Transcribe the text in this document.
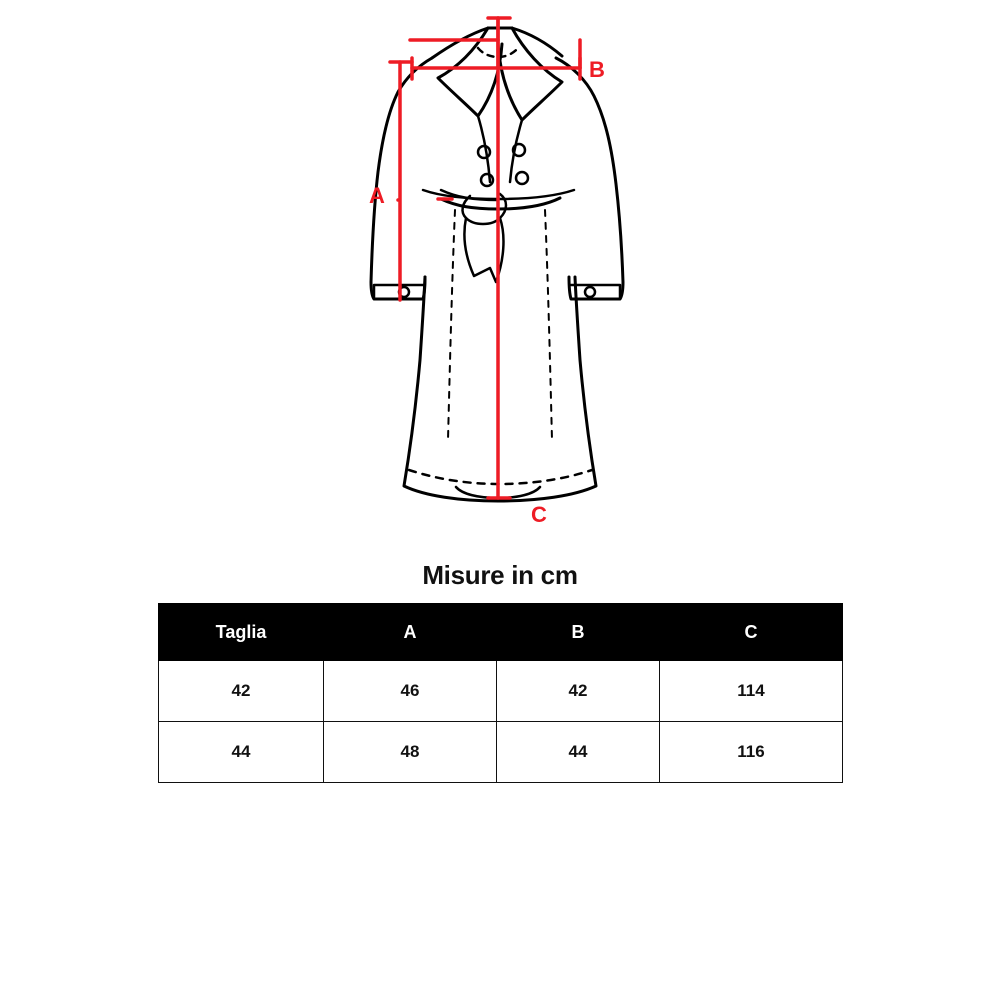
A
B
C
Misure in cm
Taglia	A	B	C
42	46	42	114
44	48	44	116
